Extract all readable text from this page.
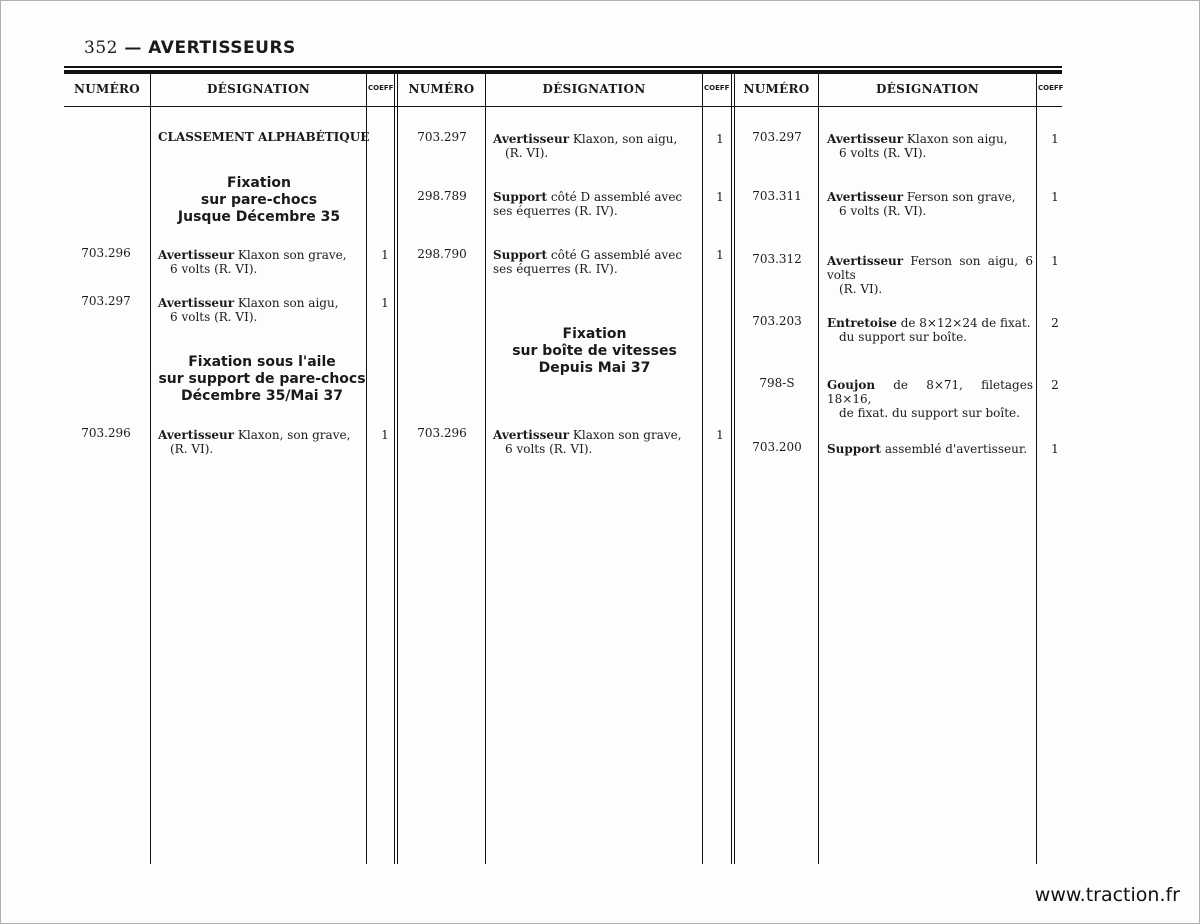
352 — AVERTISSEURS
NUMÉRO	DÉSIGNATION	COEFF	NUMÉRO	DÉSIGNATION	COEFF	NUMÉRO	DÉSIGNATION	COEFF
CLASSEMENT ALPHABÉTIQUE
Fixation
sur pare-chocs
Jusque Décembre 35
703.296	Avertisseur Klaxon son grave,
6 volts (R. VI).
1
703.297	Avertisseur Klaxon son aigu,
6 volts (R. VI).
1
Fixation sous l'aile
sur support de pare-chocs
Décembre 35/Mai 37
703.296	Avertisseur Klaxon, son grave,
(R. VI).
1
703.297	Avertisseur Klaxon, son aigu,
(R. VI).
1
298.789	Support côté D assemblé avec
ses équerres (R. IV).
1
298.790	Support côté G assemblé avec
ses équerres (R. IV).
1
Fixation
sur boîte de vitesses
Depuis Mai 37
703.296	Avertisseur Klaxon son grave,
6 volts (R. VI).
1
703.297	Avertisseur Klaxon son aigu,
6 volts (R. VI).
1
703.311	Avertisseur Ferson son grave,
6 volts (R. VI).
1
703.312	Avertisseur Ferson son aigu, 6 volts
(R. VI).
1
703.203	Entretoise de 8×12×24 de fixat.
du support sur boîte.
2
798-S	Goujon de 8×71, filetages 18×16,
de fixat. du support sur boîte.
2
703.200	Support assemblé d'avertisseur.	1
www.traction.fr
